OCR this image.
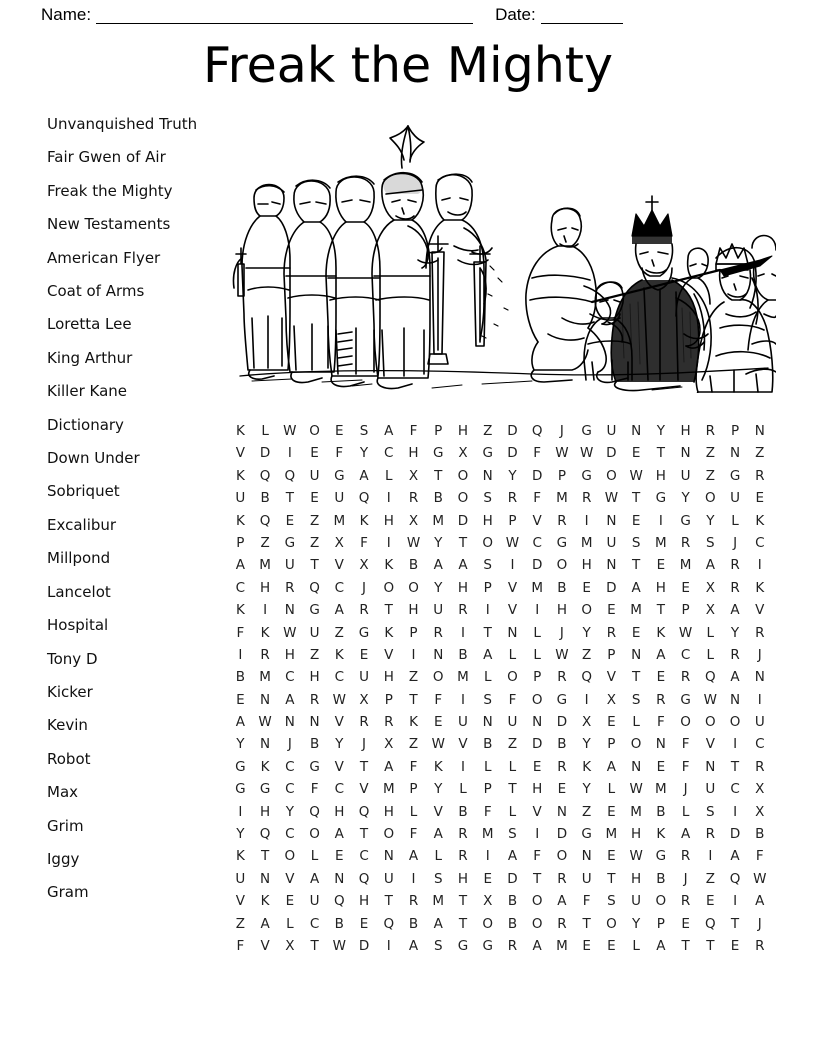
Name:	Date:
Freak the Mighty
Unvanquished Truth
Fair Gwen of Air
Freak the Mighty
New Testaments
American Flyer
Coat of Arms
Loretta Lee
King Arthur
Killer Kane
Dictionary
Down Under
Sobriquet
Excalibur
Millpond
Lancelot
Hospital
Tony D
Kicker
Kevin
Robot
Max
Grim
Iggy
Gram
K	L	W O	E	S	A	F	P	H	Z	D	Q	J	G	U	N	Y	H	R	P	N
V	D	I	E	F	Y	C	H	G	X	G	D	F	W W D	E	T	N	Z	N	Z
K	Q	Q	U	G	A	L	X	T	O	N	Y	D	P	G	O W H	U	Z	G	R
U	B	T	E	U	Q	I	R	B	O	S	R	F	M	R W	T	G	Y	O	U	E
K	Q	E	Z	M	K	H	X	M	D	H	P	V	R	I	N	E	I	G	Y	L	K
P	Z	G	Z	X	F	I	W	Y	T	O W C	G	M	U	S	M	R	S	J	C
A	M	U	T	V	X	K	B	A	A	S	I	D	O	H	N	T	E	M	A	R	I
C	H	R	Q	C	J	O	O	Y	H	P	V	M	B	E	D	A	H	E	X	R	K
K	I	N	G	A	R	T	H	U	R	I	V	I	H	O	E	M	T	P	X	A	V
F	K	W U	Z	G	K	P	R	I	T	N	L	J	Y	R	E	K	W	L	Y	R
I	R	H	Z	K	E	V	I	N	B	A	L	L	W Z	P	N	A	C	L	R	J
B	M	C	H	C	U	H	Z	O	M	L	O	P	R	Q	V	T	E	R	Q	A	N
E	N	A	R W X	P	T	F	I	S	F	O	G	I	X	S	R	G W N	I
A W N	N	V	R	R	K	E	U	N	U	N	D	X	E	L	F	O	O	O	U
Y	N	J	B	Y	J	X	Z W V	B	Z	D	B	Y	P	O	N	F	V	I	C
G	K	C	G	V	T	A	F	K	I	L	L	E	R	K	A	N	E	F	N	T	R
G	G	C	F	C	V	M	P	Y	L	P	T	H	E	Y	L	W M	J	U	C	X
I	H	Y	Q	H	Q	H	L	V	B	F	L	V	N	Z	E	M	B	L	S	I	X
Y	Q	C	O	A	T	O	F	A	R	M	S	I	D	G	M	H	K	A	R	D	B
K	T	O	L	E	C	N	A	L	R	I	A	F	O	N	E	W G	R	I	A	F
U	N	V	A	N	Q	U	I	S	H	E	D	T	R	U	T	H	B	J	Z	Q W
V	K	E	U	Q	H	T	R	M	T	X	B	O	A	F	S	U	O	R	E	I	A
Z	A	L	C	B	E	Q	B	A	T	O	B	O	R	T	O	Y	P	E	Q	T	J
F	V	X	T	W D	I	A	S	G	G	R	A	M	E	E	L	A	T	T	E	R
